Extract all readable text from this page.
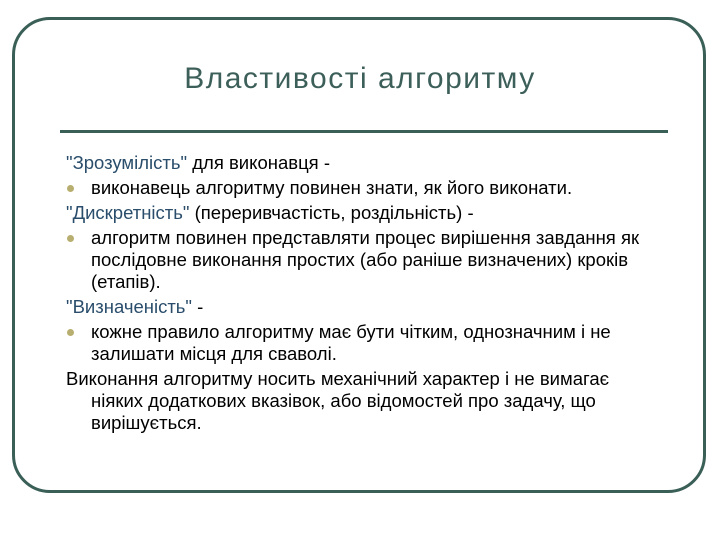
Властивості алгоритму

"Зрозумілість" для виконавця -

виконавець алгоритму повинен знати, як його виконати.

"Дискретність" (переривчастість, роздільність) -

алгоритм повинен представляти процес вирішення завдання як послідовне виконання простих (або раніше визначених) кроків (етапів).

"Визначеність" -

кожне правило алгоритму має бути чітким, однозначним і не залишати місця для сваволі.

Виконання алгоритму носить механічний характер і не вимагає ніяких додаткових вказівок, або відомостей про задачу, що вирішується.
